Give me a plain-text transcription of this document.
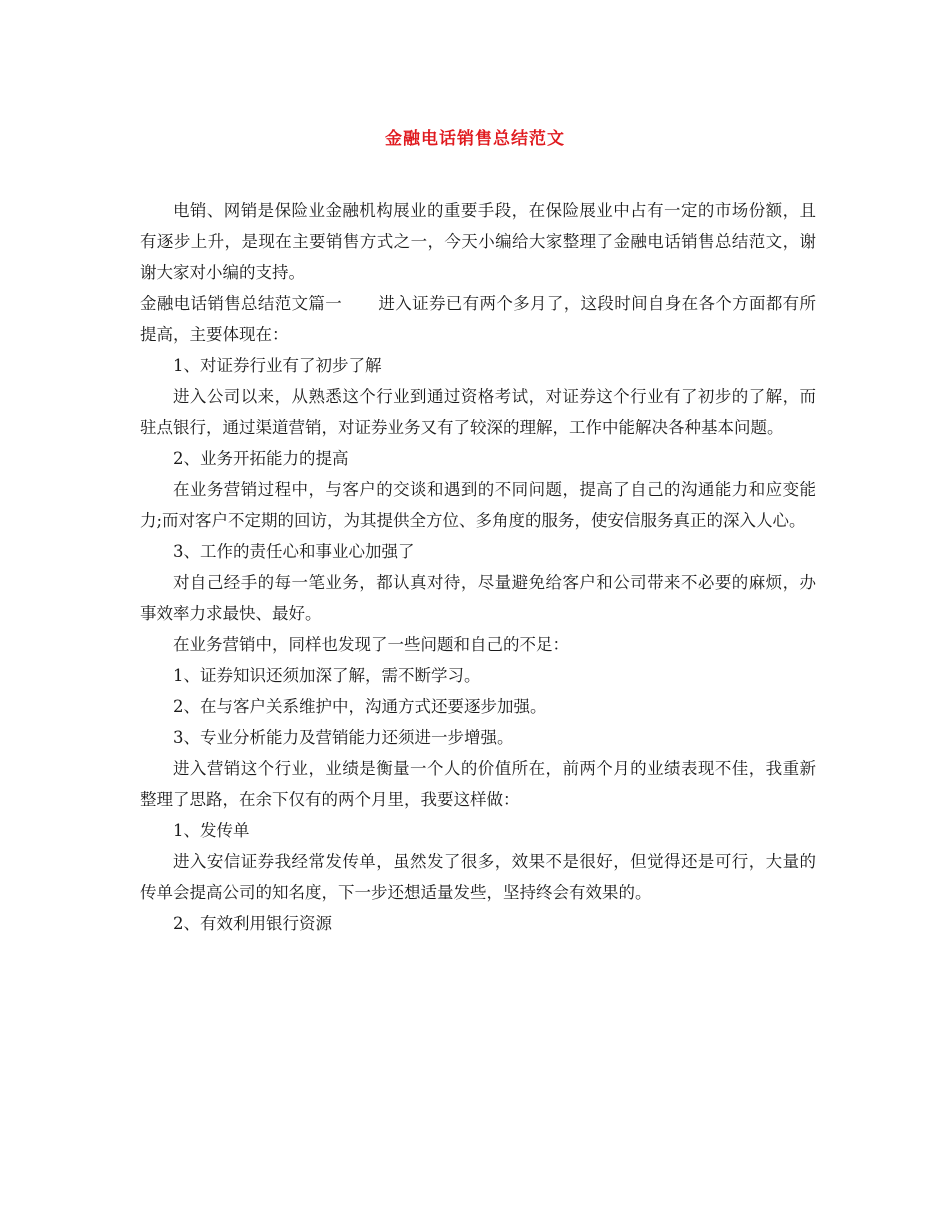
金融电话销售总结范文

电销、网销是保险业金融机构展业的重要手段，在保险展业中占有一定的市场份额，且有逐步上升，是现在主要销售方式之一，今天小编给大家整理了金融电话销售总结范文，谢谢大家对小编的支持。

金融电话销售总结范文篇一 进入证券已有两个多月了，这段时间自身在各个方面都有所提高，主要体现在：

1、对证券行业有了初步了解

进入公司以来，从熟悉这个行业到通过资格考试，对证券这个行业有了初步的了解，而驻点银行，通过渠道营销，对证券业务又有了较深的理解，工作中能解决各种基本问题。

2、业务开拓能力的提高

在业务营销过程中，与客户的交谈和遇到的不同问题，提高了自己的沟通能力和应变能力;而对客户不定期的回访，为其提供全方位、多角度的服务，使安信服务真正的深入人心。

3、工作的责任心和事业心加强了

对自己经手的每一笔业务，都认真对待，尽量避免给客户和公司带来不必要的麻烦，办事效率力求最快、最好。

在业务营销中，同样也发现了一些问题和自己的不足：

1、证券知识还须加深了解，需不断学习。

2、在与客户关系维护中，沟通方式还要逐步加强。

3、专业分析能力及营销能力还须进一步增强。

进入营销这个行业，业绩是衡量一个人的价值所在，前两个月的业绩表现不佳，我重新整理了思路，在余下仅有的两个月里，我要这样做：

1、发传单

进入安信证券我经常发传单，虽然发了很多，效果不是很好，但觉得还是可行，大量的传单会提高公司的知名度，下一步还想适量发些，坚持终会有效果的。

2、有效利用银行资源
